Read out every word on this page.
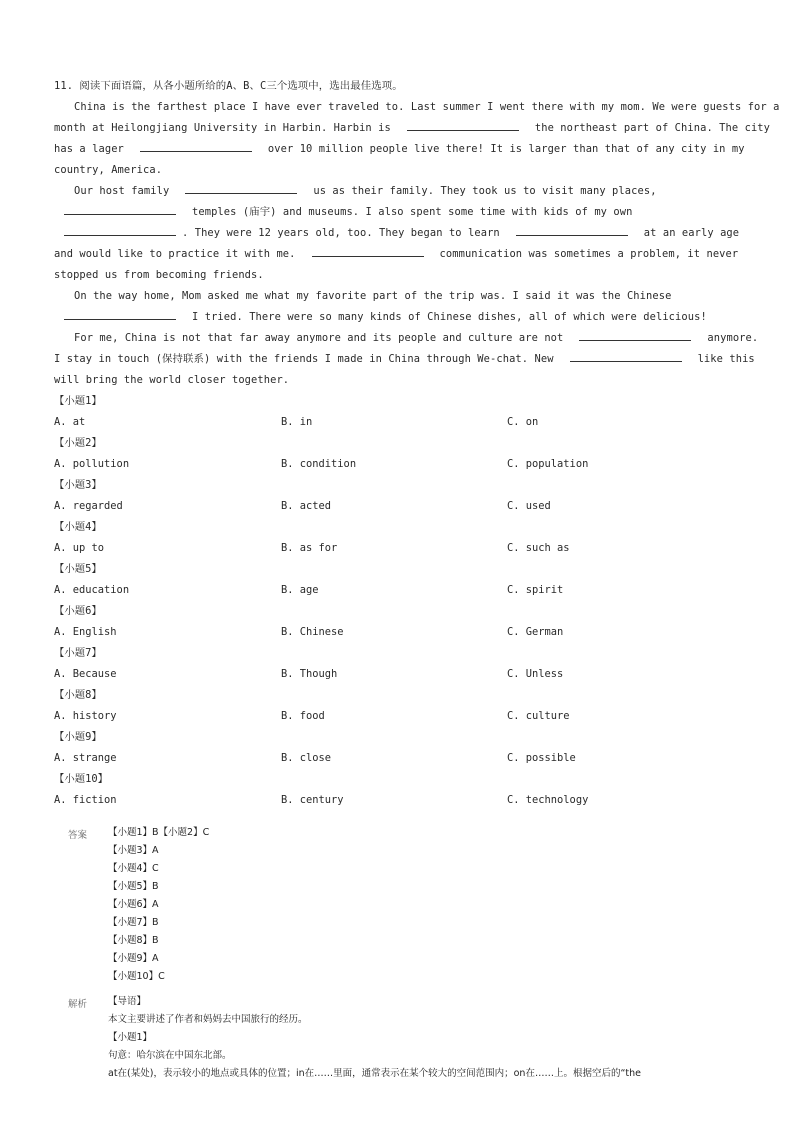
11. 阅读下面语篇，从各小题所给的A、B、C三个选项中，选出最佳选项。
China is the farthest place I have ever traveled to. Last summer I went there with my mom. We were guests for a
month at Heilongjiang University in Harbin. Harbin is	the northeast part of China. The city
has a lager	over 10 million people live there! It is larger than that of any city in my
country, America.
Our host family	us as their family. They took us to visit many places,
temples (庙宇) and museums. I also spent some time with kids of my own
. They were 12 years old, too. They began to learn	at an early age
and would like to practice it with me.	communication was sometimes a problem, it never
stopped us from becoming friends.
On the way home, Mom asked me what my favorite part of the trip was. I said it was the Chinese
I tried. There were so many kinds of Chinese dishes, all of which were delicious!
For me, China is not that far away anymore and its people and culture are not	anymore.
I stay in touch (保持联系) with the friends I made in China through We-chat. New	like this
will bring the world closer together.
【小题1】
A. at	B. in	C. on
【小题2】
A. pollution	B. condition	C. population
【小题3】
A. regarded	B. acted	C. used
【小题4】
A. up to	B. as for	C. such as
【小题5】
A. education	B. age	C. spirit
【小题6】
A. English	B. Chinese	C. German
【小题7】
A. Because	B. Though	C. Unless
【小题8】
A. history	B. food	C. culture
【小题9】
A. strange	B. close	C. possible
【小题10】
A. fiction	B. century	C. technology
答案 【小题1】B【小题2】C
【小题3】A
【小题4】C
【小题5】B
【小题6】A
【小题7】B
【小题8】B
【小题9】A
【小题10】C
解析 【导语】
本文主要讲述了作者和妈妈去中国旅行的经历。
【小题1】
句意：哈尔滨在中国东北部。
at在(某处)，表示较小的地点或具体的位置；in在……里面，通常表示在某个较大的空间范围内；on在……上。根据空后的“the
